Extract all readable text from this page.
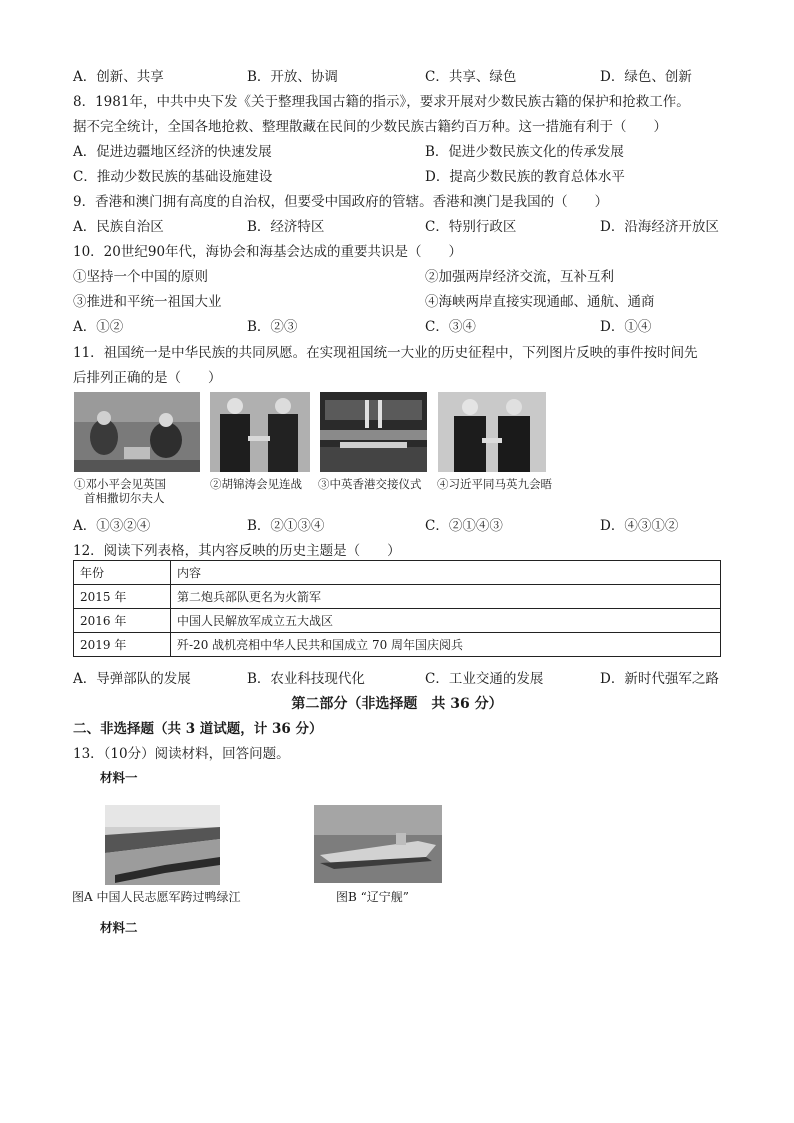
A．创新、共享	B．开放、协调	C．共享、绿色	D．绿色、创新
8．1981年，中共中央下发《关于整理我国古籍的指示》，要求开展对少数民族古籍的保护和抢救工作。
据不完全统计，全国各地抢救、整理散藏在民间的少数民族古籍约百万种。这一措施有利于（　　）
A．促进边疆地区经济的快速发展	B．促进少数民族文化的传承发展
C．推动少数民族的基础设施建设	D．提高少数民族的教育总体水平
9．香港和澳门拥有高度的自治权，但要受中国政府的管辖。香港和澳门是我国的（　　）
A．民族自治区	B．经济特区	C．特别行政区	D．沿海经济开放区
10．20世纪90年代，海协会和海基会达成的重要共识是（　　）
①坚持一个中国的原则	②加强两岸经济交流，互补互利
③推进和平统一祖国大业	④海峡两岸直接实现通邮、通航、通商
A．①②	B．②③	C．③④	D．①④
11．祖国统一是中华民族的共同夙愿。在实现祖国统一大业的历史征程中，下列图片反映的事件按时间先
后排列正确的是（　　）
①邓小平会见英国
首相撒切尔夫人
②胡锦涛会见连战 ③中英香港交接仪式 ④习近平同马英九会晤
A．①③②④	B．②①③④	C．②①④③	D．④③①②
12．阅读下列表格，其内容反映的历史主题是（　　）
年份	内容
2015 年	第二炮兵部队更名为火箭军
2016 年	中国人民解放军成立五大战区
2019 年	歼-20 战机亮相中华人民共和国成立 70 周年国庆阅兵
A．导弹部队的发展	B．农业科技现代化	C．工业交通的发展	D．新时代强军之路
第二部分（非选择题　共 36 分）
二、非选择题（共 3 道试题，计 36 分）
13．（10分）阅读材料，回答问题。
材料一
图A 中国人民志愿军跨过鸭绿江	图B “辽宁舰”
材料二
